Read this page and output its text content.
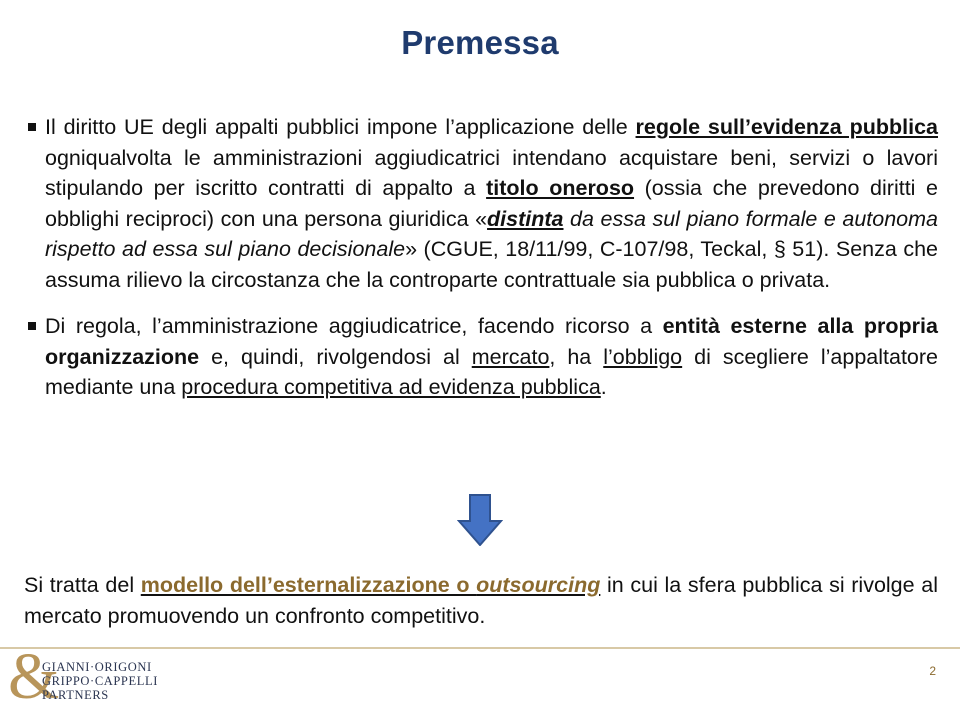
Premessa
Il diritto UE degli appalti pubblici impone l’applicazione delle regole sull’evidenza pubblica ogniqualvolta le amministrazioni aggiudicatrici intendano acquistare beni, servizi o lavori stipulando per iscritto contratti di appalto a titolo oneroso (ossia che prevedono diritti e obblighi reciproci) con una persona giuridica «distinta da essa sul piano formale e autonoma rispetto ad essa sul piano decisionale» (CGUE, 18/11/99, C-107/98, Teckal, § 51). Senza che assuma rilievo la circostanza che la controparte contrattuale sia pubblica o privata.
Di regola, l’amministrazione aggiudicatrice, facendo ricorso a entità esterne alla propria organizzazione e, quindi, rivolgendosi al mercato, ha l’obbligo di scegliere l’appaltatore mediante una procedura competitiva ad evidenza pubblica.
Si tratta del modello dell’esternalizzazione o outsourcing in cui la sfera pubblica si rivolge al mercato promuovendo un confronto competitivo.
&
GIANNI·ORIGONI
GRIPPO·CAPPELLI
PARTNERS
2
